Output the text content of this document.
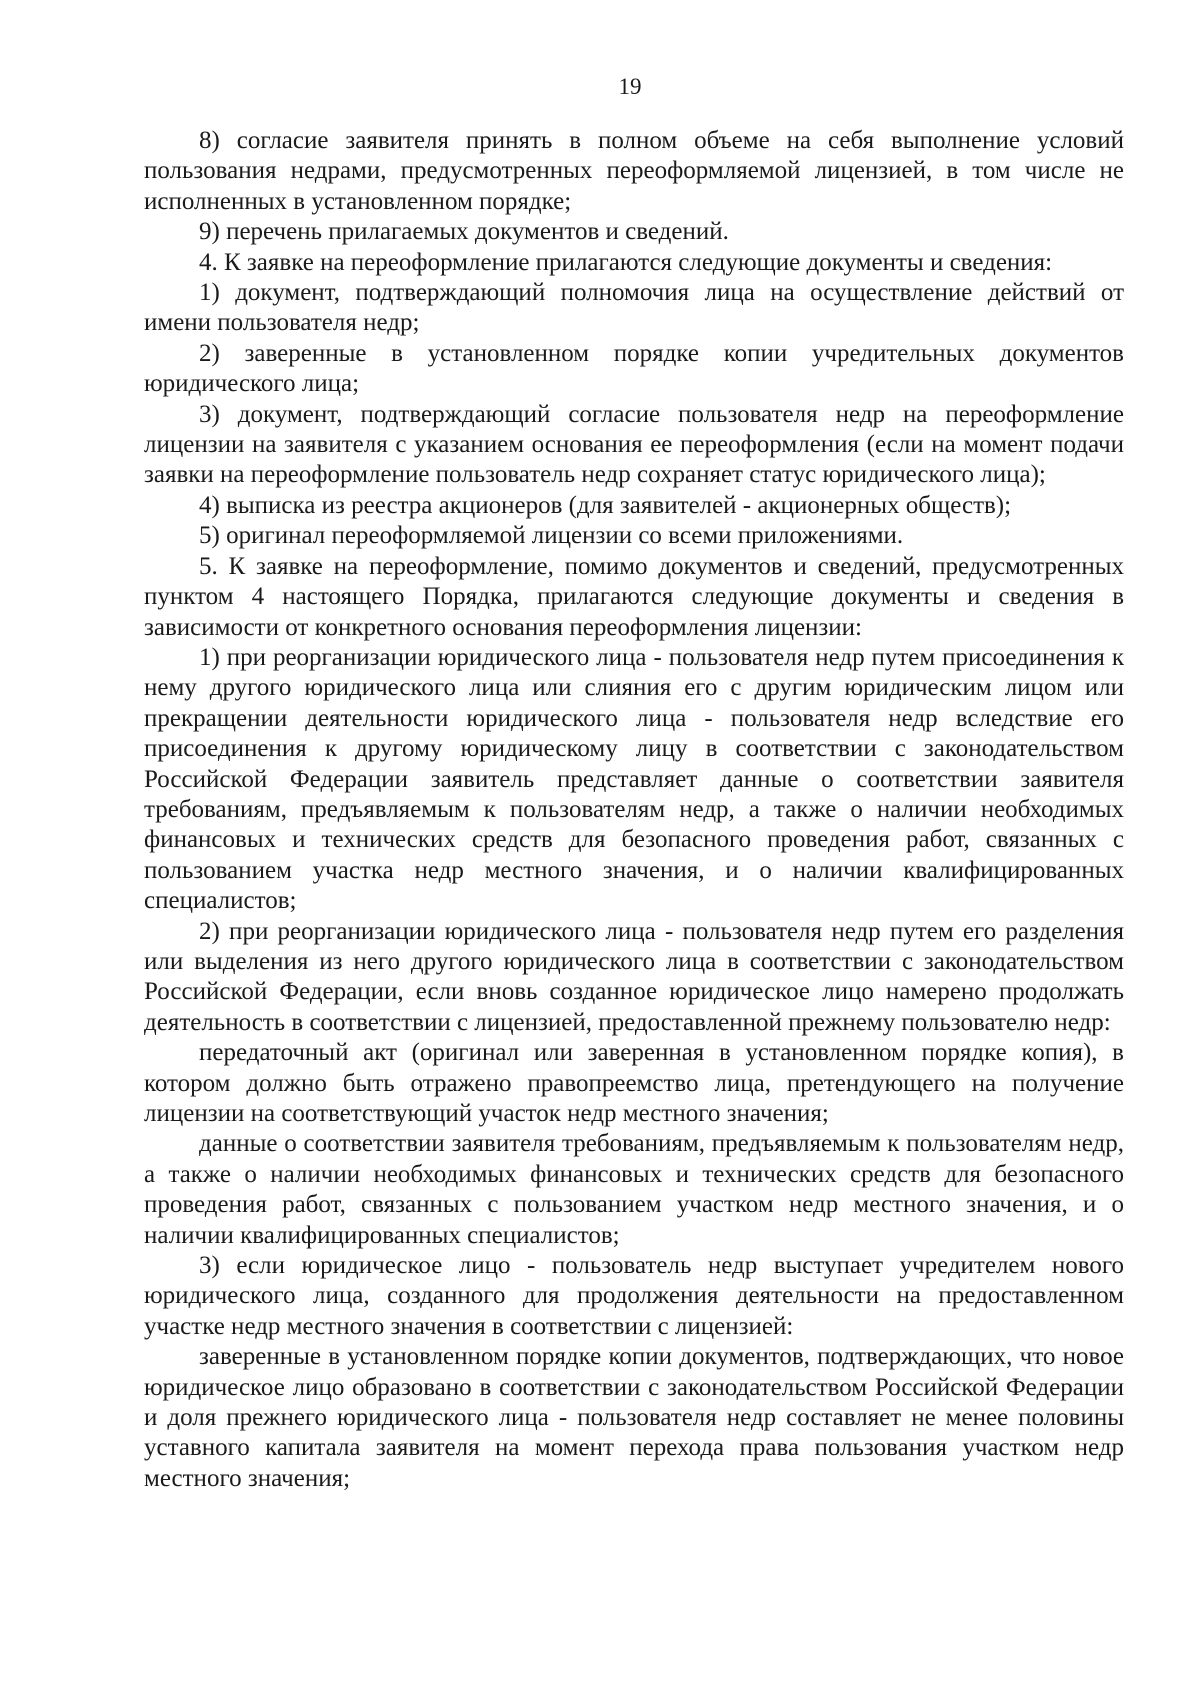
19

8) согласие заявителя принять в полном объеме на себя выполнение условий пользования недрами, предусмотренных переоформляемой лицензией, в том числе не исполненных в установленном порядке;

9) перечень прилагаемых документов и сведений.

4. К заявке на переоформление прилагаются следующие документы и сведения:

1) документ, подтверждающий полномочия лица на осуществление действий от имени пользователя недр;

2) заверенные в установленном порядке копии учредительных документов юридического лица;

3) документ, подтверждающий согласие пользователя недр на переоформление лицензии на заявителя с указанием основания ее переоформления (если на момент подачи заявки на переоформление пользователь недр сохраняет статус юридического лица);

4) выписка из реестра акционеров (для заявителей - акционерных обществ);

5) оригинал переоформляемой лицензии со всеми приложениями.

5. К заявке на переоформление, помимо документов и сведений, предусмотренных пунктом 4 настоящего Порядка, прилагаются следующие документы и сведения в зависимости от конкретного основания переоформления лицензии:

1) при реорганизации юридического лица - пользователя недр путем присоединения к нему другого юридического лица или слияния его с другим юридическим лицом или прекращении деятельности юридического лица - пользователя недр вследствие его присоединения к другому юридическому лицу в соответствии с законодательством Российской Федерации заявитель представляет данные о соответствии заявителя требованиям, предъявляемым к пользователям недр, а также о наличии необходимых финансовых и технических средств для безопасного проведения работ, связанных с пользованием участка недр местного значения, и о наличии квалифицированных специалистов;

2) при реорганизации юридического лица - пользователя недр путем его разделения или выделения из него другого юридического лица в соответствии с законодательством Российской Федерации, если вновь созданное юридическое лицо намерено продолжать деятельность в соответствии с лицензией, предоставленной прежнему пользователю недр:

передаточный акт (оригинал или заверенная в установленном порядке копия), в котором должно быть отражено правопреемство лица, претендующего на получение лицензии на соответствующий участок недр местного значения;

данные о соответствии заявителя требованиям, предъявляемым к пользователям недр, а также о наличии необходимых финансовых и технических средств для безопасного проведения работ, связанных с пользованием участком недр местного значения, и о наличии квалифицированных специалистов;

3) если юридическое лицо - пользователь недр выступает учредителем нового юридического лица, созданного для продолжения деятельности на предоставленном участке недр местного значения в соответствии с лицензией:

заверенные в установленном порядке копии документов, подтверждающих, что новое юридическое лицо образовано в соответствии с законодательством Российской Федерации и доля прежнего юридического лица - пользователя недр составляет не менее половины уставного капитала заявителя на момент перехода права пользования участком недр местного значения;
